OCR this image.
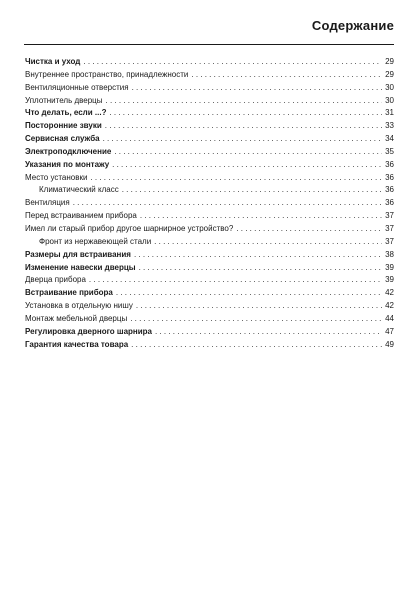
Содержание
Чистка и уход . . .	29
Внутреннее пространство, принадлежности . . .	29
Вентиляционные отверстия . . .	30
Уплотнитель дверцы . . .	30
Что делать, если ...? . . .	31
Посторонние звуки . . .	33
Сервисная служба . . .	34
Электроподключение . . .	35
Указания по монтажу . . .	36
Место установки . . .	36
Климатический класс . . .	36
Вентиляция . . .	36
Перед встраиванием прибора . . .	37
Имел ли старый прибор другое шарнирное устройство? . . .	37
Фронт из нержавеющей стали . . .	37
Размеры для встраивания . . .	38
Изменение навески дверцы . . .	39
Дверца прибора . . .	39
Встраивание прибора . . .	42
Установка в отдельную нишу . . .	42
Монтаж мебельной дверцы . . .	44
Регулировка дверного шарнира . . .	47
Гарантия качества товара . . .	49
